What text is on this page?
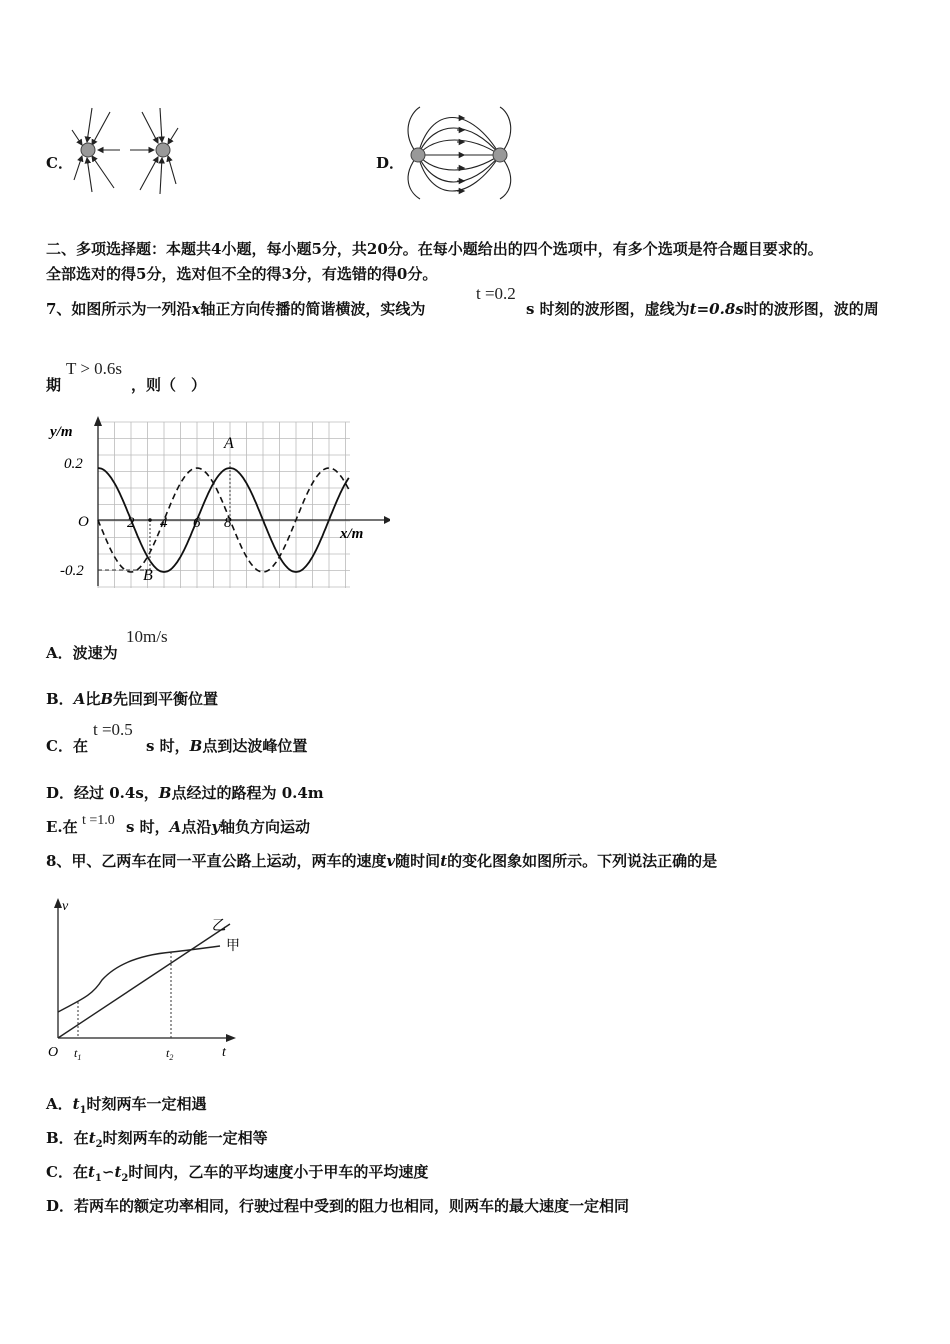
C．	D．
二、多项选择题：本题共4小题，每小题5分，共20分。在每小题给出的四个选项中，有多个选项是符合题目要求的。
全部选对的得5分，选对但不全的得3分，有选错的得0分。
7、如图所示为一列沿x轴正方向传播的简谐横波，实线为
t =0.2
s 时刻的波形图，虚线为t=0.8s时的波形图，波的周
期
T > 0.6s
，则（　）
y/m
x/m
0.2
-0.2
O	2 4 6 8
A
B
A．波速为
10m/s
B．A比B先回到平衡位置
C．在
t =0.5
s 时，B点到达波峰位置
D．经过 0.4s，B点经过的路程为 0.4m
E.在 t =1.0 s 时，A点沿y轴负方向运动
8、甲、乙两车在同一平直公路上运动，两车的速度v随时间t的变化图象如图所示。下列说法正确的是
v
t
O $t_1$	$t_2$
乙
甲
A．$t_1$时刻两车一定相遇
B．在$t_2$时刻两车的动能一定相等
C．在$t_1∽t_2$时间内，乙车的平均速度小于甲车的平均速度
D．若两车的额定功率相同，行驶过程中受到的阻力也相同，则两车的最大速度一定相同
